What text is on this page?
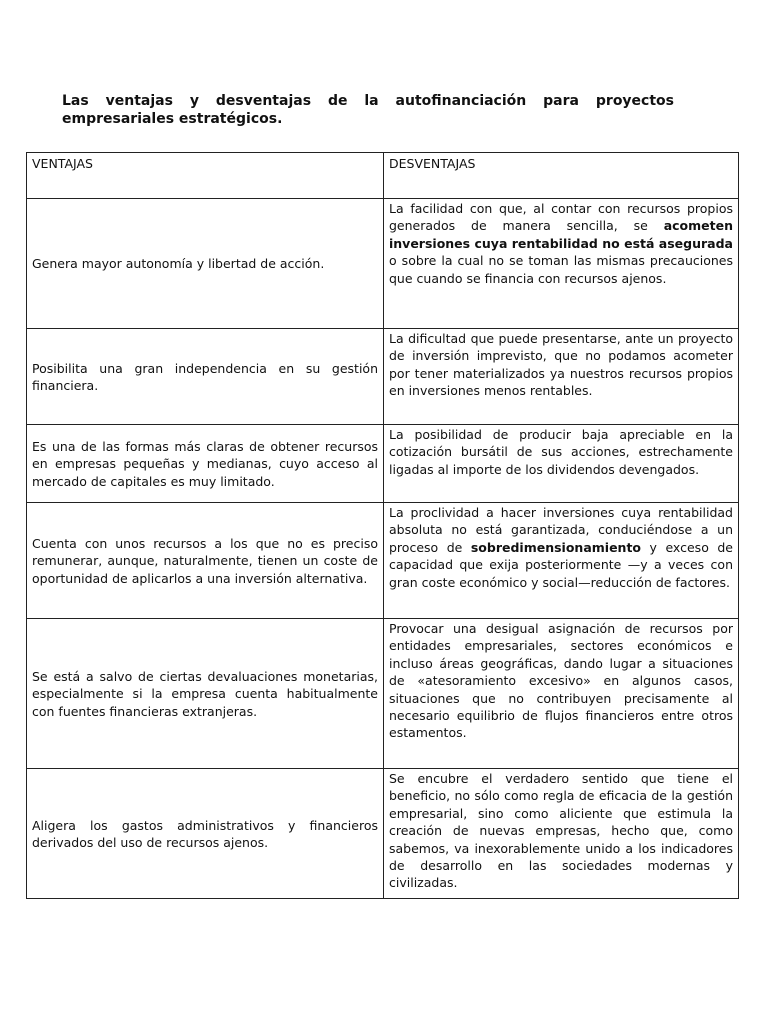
Las ventajas y desventajas de la autofinanciación para proyectos empresariales estratégicos.
VENTAJAS	DESVENTAJAS
Genera mayor autonomía y libertad de acción.	La facilidad con que, al contar con recursos propios generados de manera sencilla, se acometen inversiones cuya rentabilidad no está asegurada o sobre la cual no se toman las mismas precauciones que cuando se financia con recursos ajenos.
Posibilita una gran independencia en su gestión financiera.	La dificultad que puede presentarse, ante un proyecto de inversión imprevisto, que no podamos acometer por tener materializados ya nuestros recursos propios en inversiones menos rentables.
Es una de las formas más claras de obtener recursos en empresas pequeñas y medianas, cuyo acceso al mercado de capitales es muy limitado.	La posibilidad de producir baja apreciable en la cotización bursátil de sus acciones, estrechamente ligadas al importe de los dividendos devengados.
Cuenta con unos recursos a los que no es preciso remunerar, aunque, naturalmente, tienen un coste de oportunidad de aplicarlos a una inversión alternativa.	La proclividad a hacer inversiones cuya rentabilidad absoluta no está garantizada, conduciéndose a un proceso de sobredimensionamiento y exceso de capacidad que exija posteriormente —y a veces con gran coste económico y social—reducción de factores.
Se está a salvo de ciertas devaluaciones monetarias, especialmente si la empresa cuenta habitualmente con fuentes financieras extranjeras.	Provocar una desigual asignación de recursos por entidades empresariales, sectores económicos e incluso áreas geográficas, dando lugar a situaciones de «atesoramiento excesivo» en algunos casos, situaciones que no contribuyen precisamente al necesario equilibrio de flujos financieros entre otros estamentos.
Aligera los gastos administrativos y financieros derivados del uso de recursos ajenos.	Se encubre el verdadero sentido que tiene el beneficio, no sólo como regla de eficacia de la gestión empresarial, sino como aliciente que estimula la creación de nuevas empresas, hecho que, como sabemos, va inexorablemente unido a los indicadores de desarrollo en las sociedades modernas y civilizadas.
